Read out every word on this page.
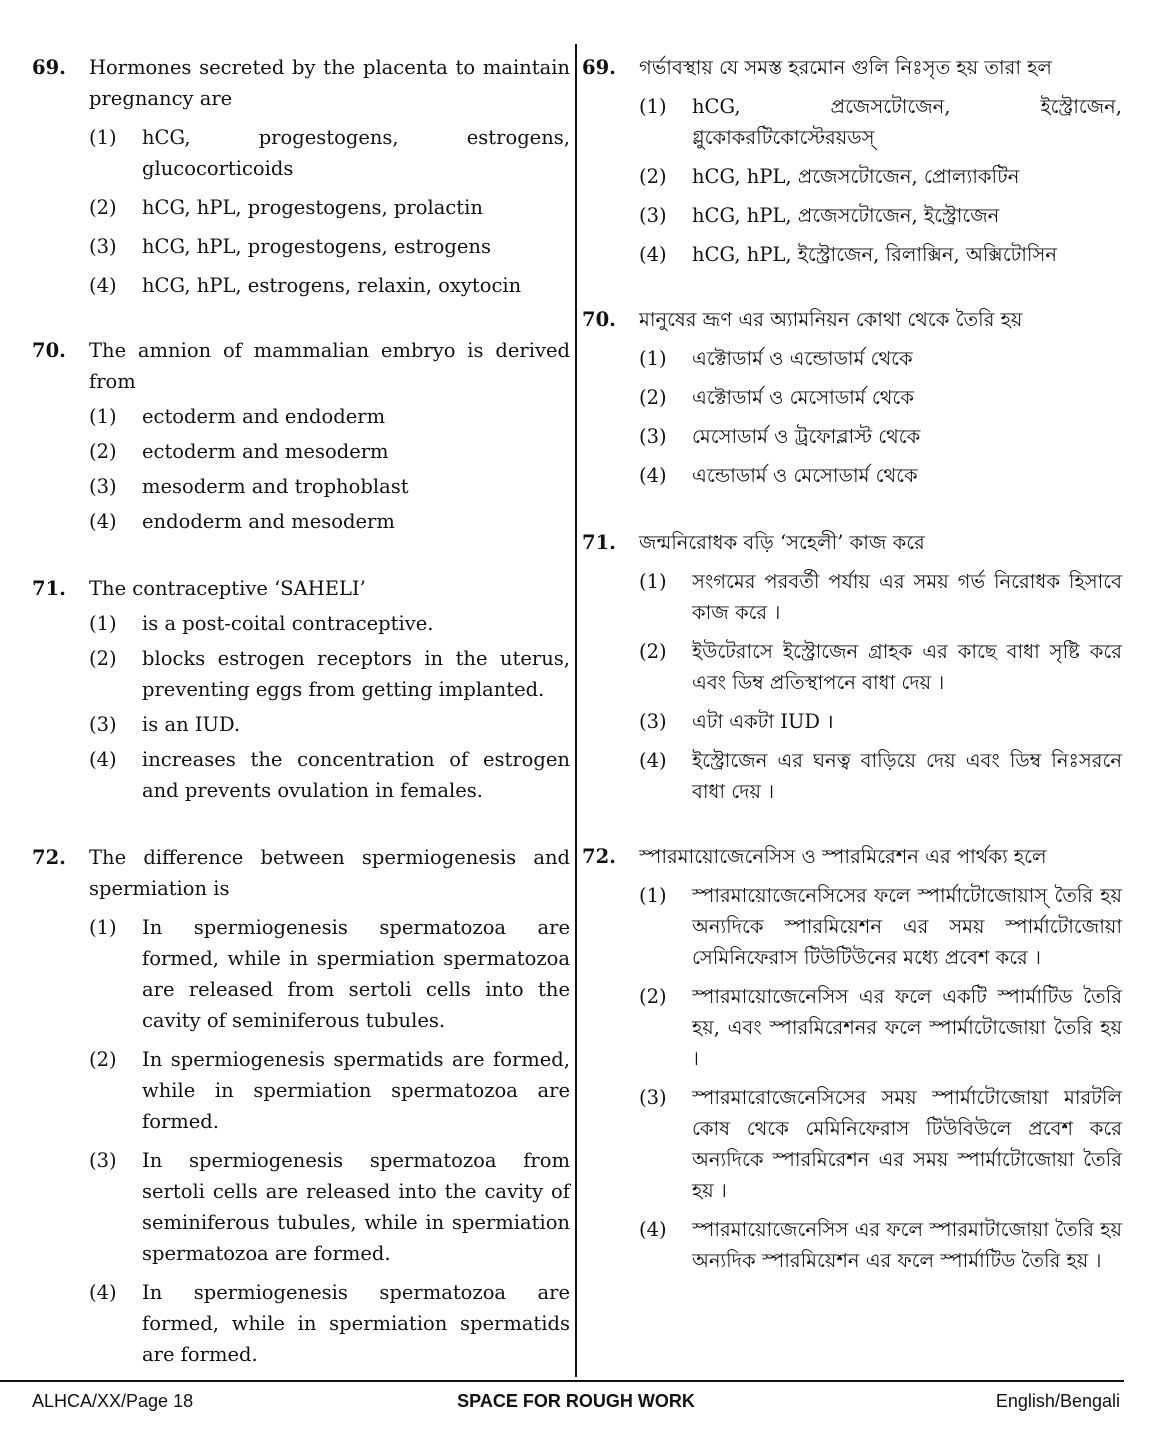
69.	Hormones secreted by the placenta to maintain pregnancy are
(1)	hCG, progestogens, estrogens, glucocorticoids
(2)	hCG, hPL, progestogens, prolactin
(3)	hCG, hPL, progestogens, estrogens
(4)	hCG, hPL, estrogens, relaxin, oxytocin
70.	The amnion of mammalian embryo is derived from
(1)	ectoderm and endoderm
(2)	ectoderm and mesoderm
(3)	mesoderm and trophoblast
(4)	endoderm and mesoderm
71.	The contraceptive ‘SAHELI’
(1)	is a post-coital contraceptive.
(2)	blocks estrogen receptors in the uterus, preventing eggs from getting implanted.
(3)	is an IUD.
(4)	increases the concentration of estrogen and prevents ovulation in females.
72.	The difference between spermiogenesis and spermiation is
(1)	In spermiogenesis spermatozoa are formed, while in spermiation spermatozoa are released from sertoli cells into the cavity of seminiferous tubules.
(2)	In spermiogenesis spermatids are formed, while in spermiation spermatozoa are formed.
(3)	In spermiogenesis spermatozoa from sertoli cells are released into the cavity of seminiferous tubules, while in spermiation spermatozoa are formed.
(4)	In spermiogenesis spermatozoa are formed, while in spermiation spermatids are formed.
69.	গর্ভাবস্থায় যে সমস্ত হরমোন গুলি নিঃসৃত হয় তারা হল
(1)	hCG, প্রজেসটোজেন, ইস্ট্রোজেন, গ্লুকোকরটিকোস্টেরয়ডস্
(2)	hCG, hPL, প্রজেসটোজেন, প্রোল্যাকটিন
(3)	hCG, hPL, প্রজেসটোজেন, ইস্ট্রোজেন
(4)	hCG, hPL, ইস্ট্রোজেন, রিলাক্সিন, অক্সিটোসিন
70.	মানুষের ভ্রূণ এর অ্যামনিয়ন কোথা থেকে তৈরি হয়
(1)	এক্টোডার্ম ও এন্ডোডার্ম থেকে
(2)	এক্টোডার্ম ও মেসোডার্ম থেকে
(3)	মেসোডার্ম ও ট্রফোব্লাস্ট থেকে
(4)	এন্ডোডার্ম ও মেসোডার্ম থেকে
71.	জন্মনিরোধক বড়ি ‘সহেলী’ কাজ করে
(1)	সংগমের পরবর্তী পর্যায় এর সময় গর্ভ নিরোধক হিসাবে কাজ করে ।
(2)	ইউটেরাসে ইস্ট্রোজেন গ্রাহক এর কাছে বাধা সৃষ্টি করে এবং ডিম্ব প্রতিস্থাপনে বাধা দেয় ।
(3)	এটা একটা IUD ।
(4)	ইস্ট্রোজেন এর ঘনত্ব বাড়িয়ে দেয় এবং ডিম্ব নিঃসরনে বাধা দেয় ।
72.	স্পারমায়োজেনেসিস ও স্পারমিরেশন এর পার্থক্য হলে
(1)	স্পারমায়োজেনেসিসের ফলে স্পার্মাটোজোয়াস্ তৈরি হয় অন্যদিকে স্পারমিয়েশন এর সময় স্পার্মাটোজোয়া সেমিনিফেরাস টিউটিউনের মধ্যে প্রবেশ করে ।
(2)	স্পারমায়োজেনেসিস এর ফলে একটি স্পার্মাটিড তৈরি হয়, এবং স্পারমিরেশনর ফলে স্পার্মাটোজোয়া তৈরি হয় ।
(3)	স্পারমারোজেনেসিসের সময় স্পার্মাটোজোয়া মারটলি কোষ থেকে মেমিনিফেরাস টিউবিউলে প্রবেশ করে অন্যদিকে স্পারমিরেশন এর সময় স্পার্মাটোজোয়া তৈরি হয় ।
(4)	স্পারমায়োজেনেসিস এর ফলে স্পারমাটাজোয়া তৈরি হয় অন্যদিক স্পারমিয়েশন এর ফলে স্পার্মাটিড তৈরি হয় ।
SPACE FOR ROUGH WORK
ALHCA/XX/Page 18	English/Bengali
